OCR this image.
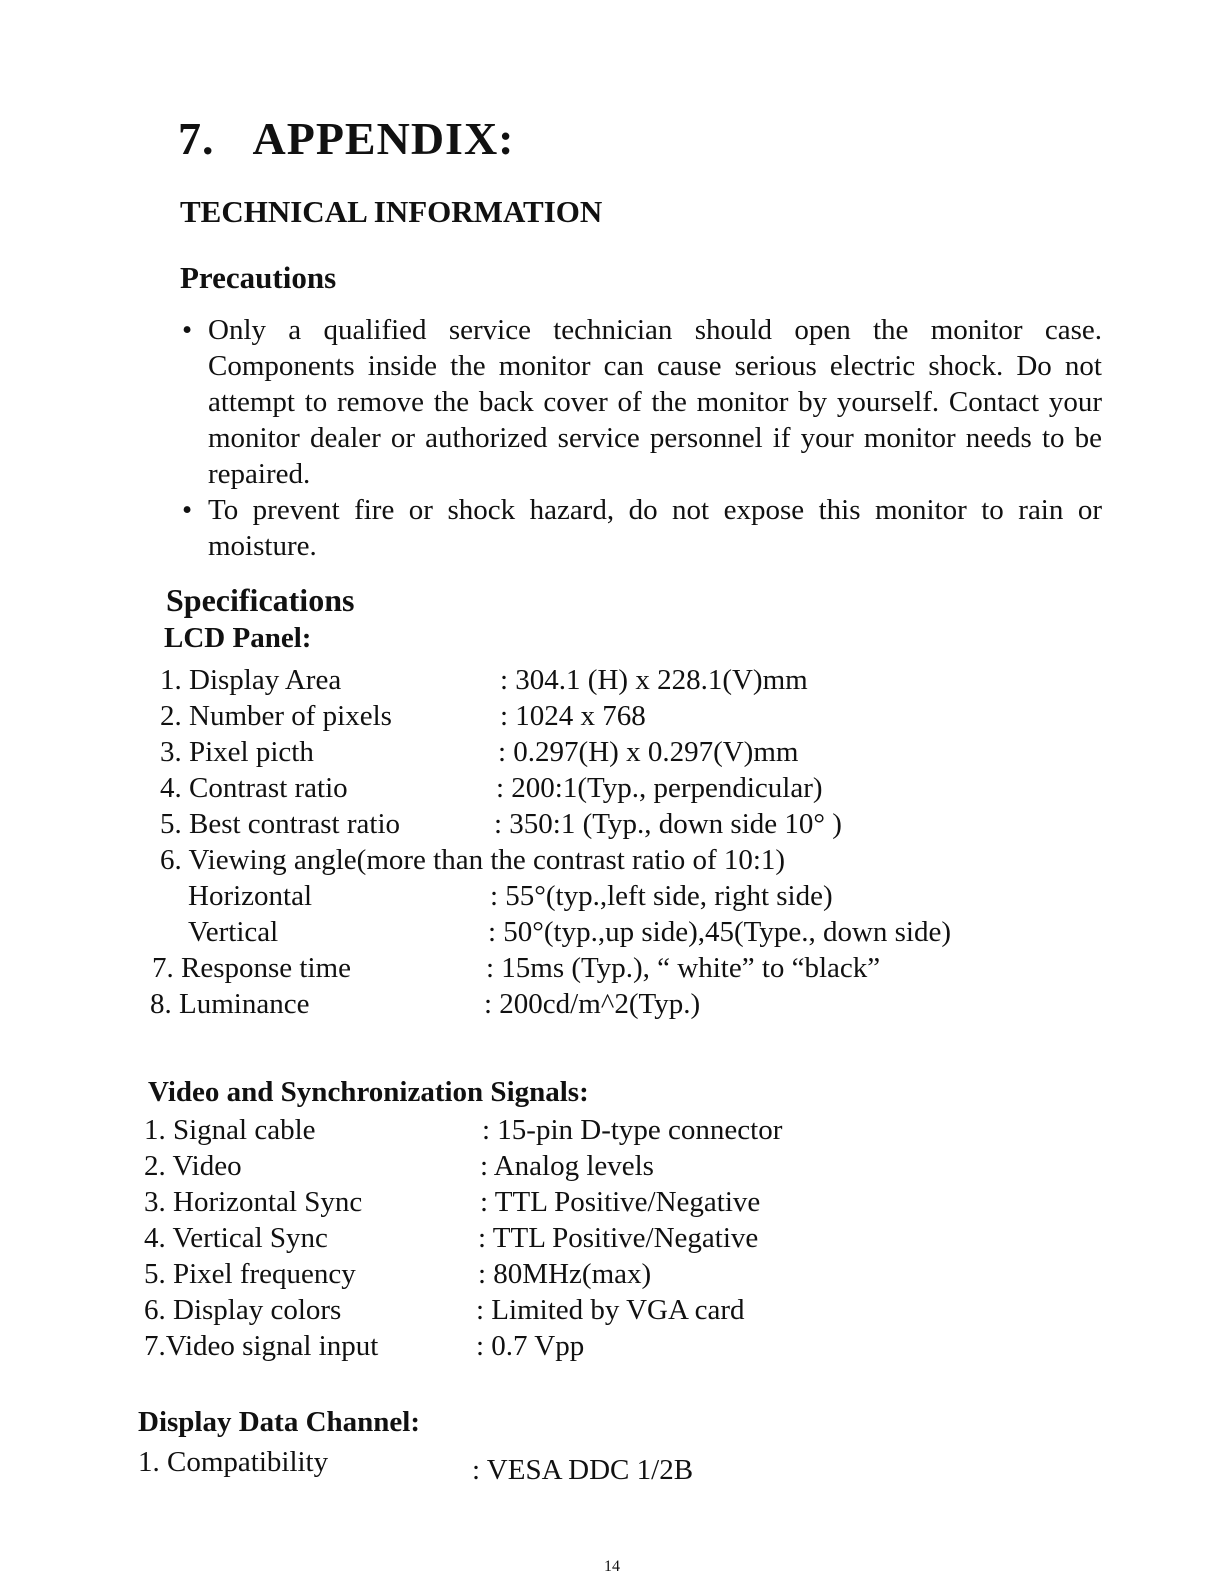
7. APPENDIX:
TECHNICAL INFORMATION
Precautions
• Only a qualified service technician should open the monitor case. Components inside the monitor can cause serious electric shock. Do not attempt to remove the back cover of the monitor by yourself. Contact your monitor dealer or authorized service personnel if your monitor needs to be repaired.
• To prevent fire or shock hazard, do not expose this monitor to rain or moisture.
Specifications
LCD Panel:
1. Display Area	: 304.1 (H) x 228.1(V)mm
2. Number of pixels	: 1024 x 768
3. Pixel picth	: 0.297(H) x 0.297(V)mm
4. Contrast ratio	: 200:1(Typ., perpendicular)
5. Best contrast ratio	: 350:1 (Typ., down side 10° )
6. Viewing angle(more than the contrast ratio of 10:1)
Horizontal	: 55°(typ.,left side, right side)
Vertical	: 50°(typ.,up side),45(Type., down side)
7. Response time	: 15ms (Typ.), “ white” to “black”
8. Luminance	: 200cd/m^2(Typ.)
Video and Synchronization Signals:
1. Signal cable	: 15-pin D-type connector
2. Video	: Analog levels
3. Horizontal Sync	: TTL Positive/Negative
4. Vertical Sync	: TTL Positive/Negative
5. Pixel frequency	: 80MHz(max)
6. Display colors	: Limited by VGA card
7.Video signal input	: 0.7 Vpp
Display Data Channel:
1. Compatibility	: VESA DDC 1/2B
14
